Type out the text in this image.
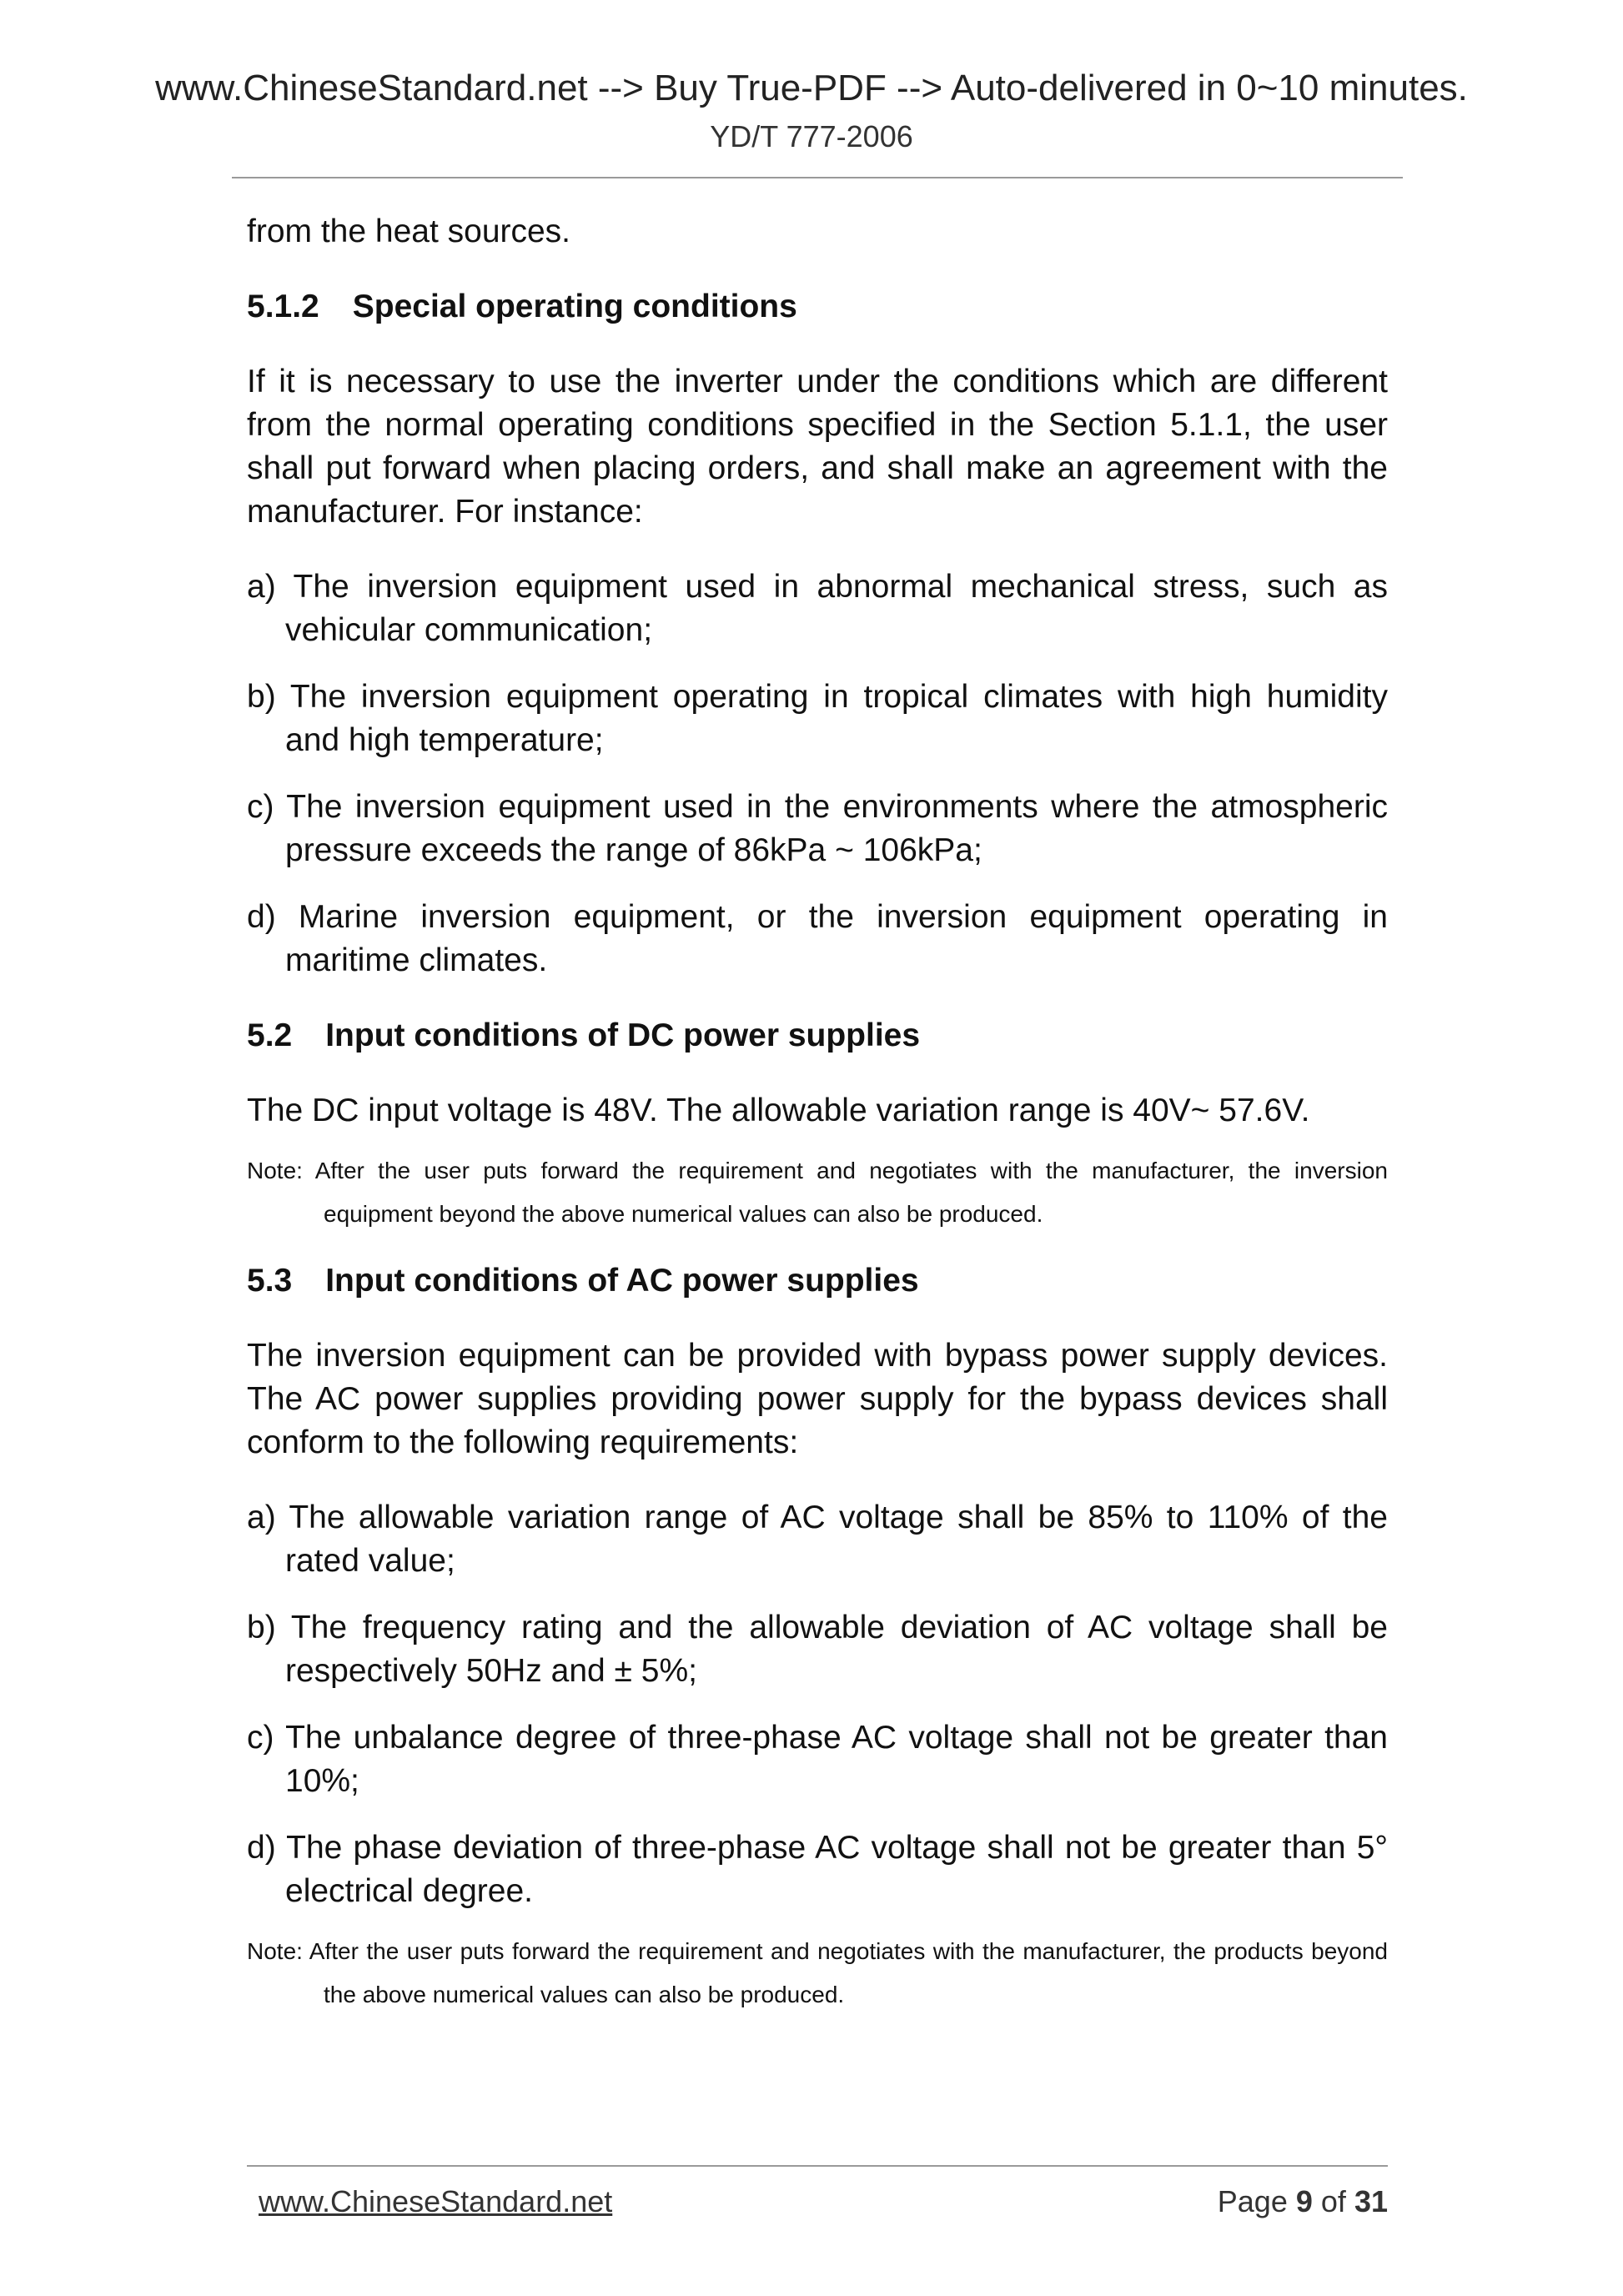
www.ChineseStandard.net --> Buy True-PDF --> Auto-delivered in 0~10 minutes.
YD/T 777-2006

from the heat sources.

5.1.2 Special operating conditions

If it is necessary to use the inverter under the conditions which are different from the normal operating conditions specified in the Section 5.1.1, the user shall put forward when placing orders, and shall make an agreement with the manufacturer. For instance:

a) The inversion equipment used in abnormal mechanical stress, such as vehicular communication;

b) The inversion equipment operating in tropical climates with high humidity and high temperature;

c) The inversion equipment used in the environments where the atmospheric pressure exceeds the range of 86kPa ~ 106kPa;

d) Marine inversion equipment, or the inversion equipment operating in maritime climates.

5.2 Input conditions of DC power supplies

The DC input voltage is 48V. The allowable variation range is 40V~ 57.6V.

Note: After the user puts forward the requirement and negotiates with the manufacturer, the inversion equipment beyond the above numerical values can also be produced.

5.3 Input conditions of AC power supplies

The inversion equipment can be provided with bypass power supply devices. The AC power supplies providing power supply for the bypass devices shall conform to the following requirements:

a) The allowable variation range of AC voltage shall be 85% to 110% of the rated value;

b) The frequency rating and the allowable deviation of AC voltage shall be respectively 50Hz and ± 5%;

c) The unbalance degree of three-phase AC voltage shall not be greater than 10%;

d) The phase deviation of three-phase AC voltage shall not be greater than 5° electrical degree.

Note: After the user puts forward the requirement and negotiates with the manufacturer, the products beyond the above numerical values can also be produced.

www.ChineseStandard.net	Page 9 of 31
